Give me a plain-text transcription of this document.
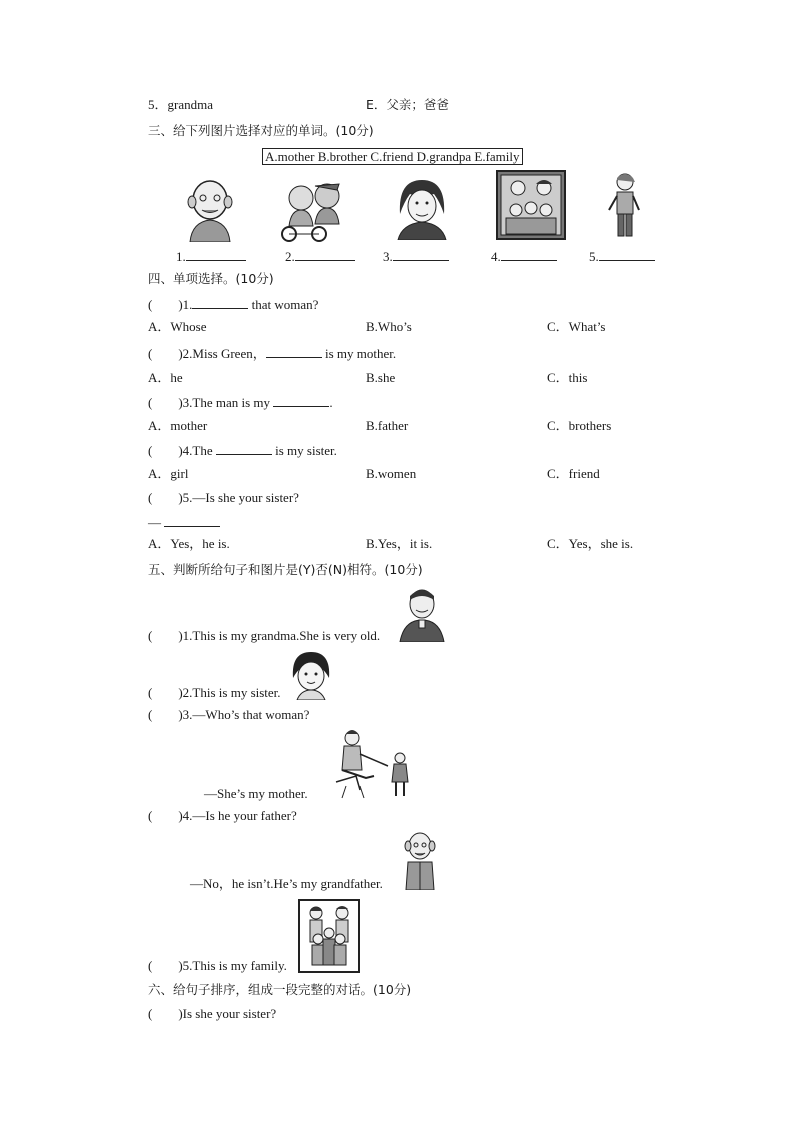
5．grandma	E．父亲；爸爸
三、给下列图片选择对应的单词。(10分)
A.mother B.brother C.friend D.grandpa E.family
1.	2.	3.	4.	5.
四、单项选择。(10分)
(　　)1.	that woman?
A．Whose	B.Who’s	C．What’s
(　　)2.Miss Green，	is my mother.
A．he	B.she	C．this
(　　)3.The man is my	.
A．mother	B.father	C．brothers
(　　)4.The	is my sister.
A．girl	B.women	C．friend
(　　)5.—Is she your sister?
—
A．Yes，he is.	B.Yes，it is.	C．Yes，she is.
五、判断所给句子和图片是(Y)否(N)相符。(10分)
(　　)1.This is my grandma.She is very old.
(　　)2.This is my sister.
(　　)3.—Who’s that woman?
—She’s my mother.
(　　)4.—Is he your father?
—No，he isn’t.He’s my grandfather.
(　　)5.This is my family.
六、给句子排序，组成一段完整的对话。(10分)
(　　)Is she your sister?
